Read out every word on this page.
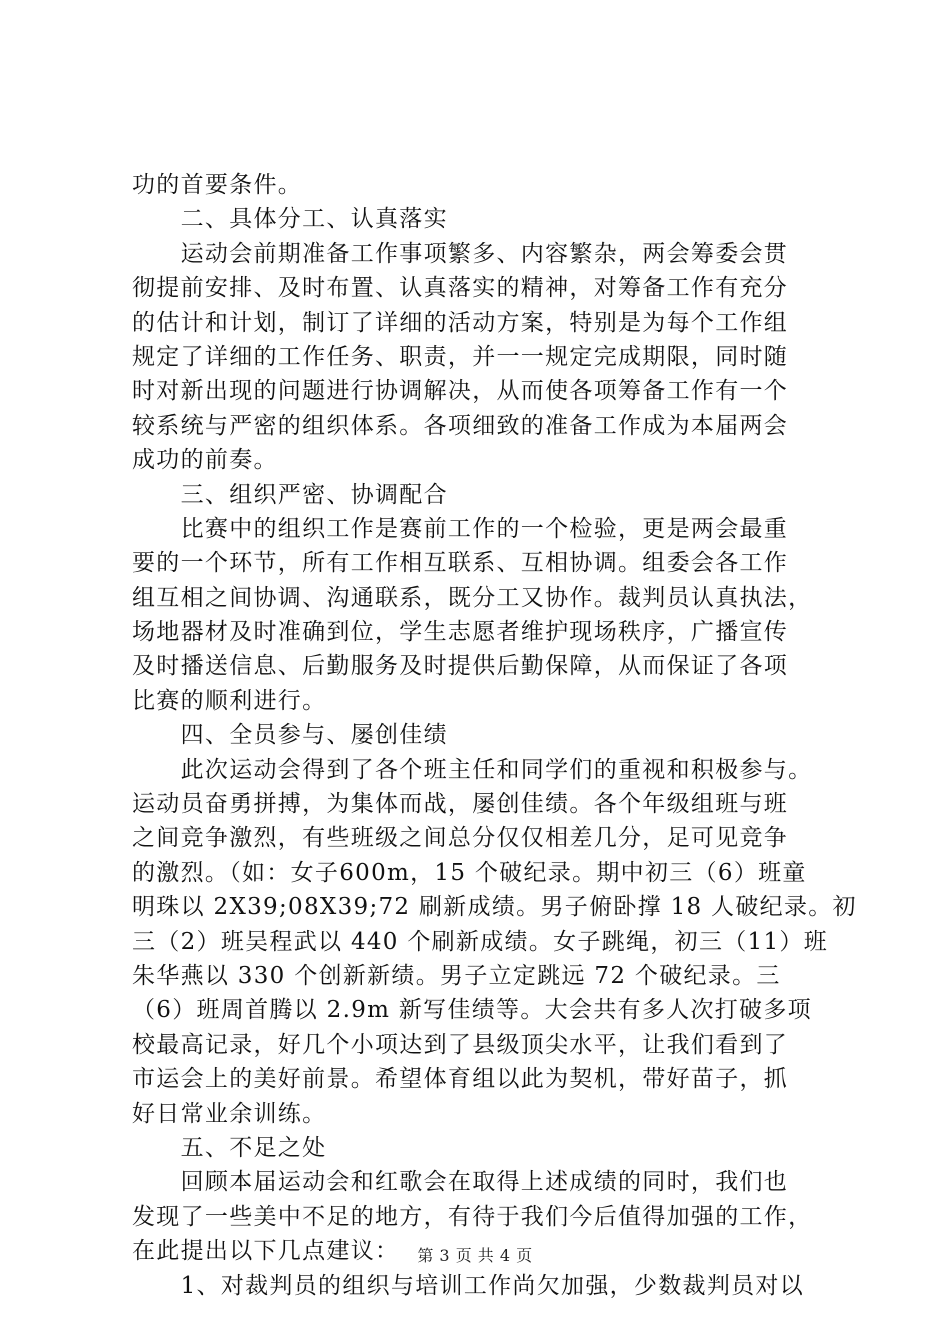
功的首要条件。
　　二、具体分工、认真落实
　　运动会前期准备工作事项繁多、内容繁杂，两会筹委会贯
彻提前安排、及时布置、认真落实的精神，对筹备工作有充分
的估计和计划，制订了详细的活动方案，特别是为每个工作组
规定了详细的工作任务、职责，并一一规定完成期限，同时随
时对新出现的问题进行协调解决，从而使各项筹备工作有一个
较系统与严密的组织体系。各项细致的准备工作成为本届两会
成功的前奏。
　　三、组织严密、协调配合
　　比赛中的组织工作是赛前工作的一个检验，更是两会最重
要的一个环节，所有工作相互联系、互相协调。组委会各工作
组互相之间协调、沟通联系，既分工又协作。裁判员认真执法，
场地器材及时准确到位，学生志愿者维护现场秩序，广播宣传
及时播送信息、后勤服务及时提供后勤保障，从而保证了各项
比赛的顺利进行。
　　四、全员参与、屡创佳绩
　　此次运动会得到了各个班主任和同学们的重视和积极参与。
运动员奋勇拼搏，为集体而战，屡创佳绩。各个年级组班与班
之间竞争激烈，有些班级之间总分仅仅相差几分，足可见竞争
的激烈。（如：女子600m，15 个破纪录。期中初三（6）班童
明珠以 2X39;08X39;72 刷新成绩。男子俯卧撑 18 人破纪录。初
三（2）班吴程武以 440 个刷新成绩。女子跳绳，初三（11）班
朱华燕以 330 个创新新绩。男子立定跳远 72 个破纪录。三
（6）班周首腾以 2.9m 新写佳绩等。大会共有多人次打破多项
校最高记录，好几个小项达到了县级顶尖水平，让我们看到了
市运会上的美好前景。希望体育组以此为契机，带好苗子，抓
好日常业余训练。
　　五、不足之处
　　回顾本届运动会和红歌会在取得上述成绩的同时，我们也
发现了一些美中不足的地方，有待于我们今后值得加强的工作，
在此提出以下几点建议：
　　1、对裁判员的组织与培训工作尚欠加强，少数裁判员对以
第 3 页 共 4 页
